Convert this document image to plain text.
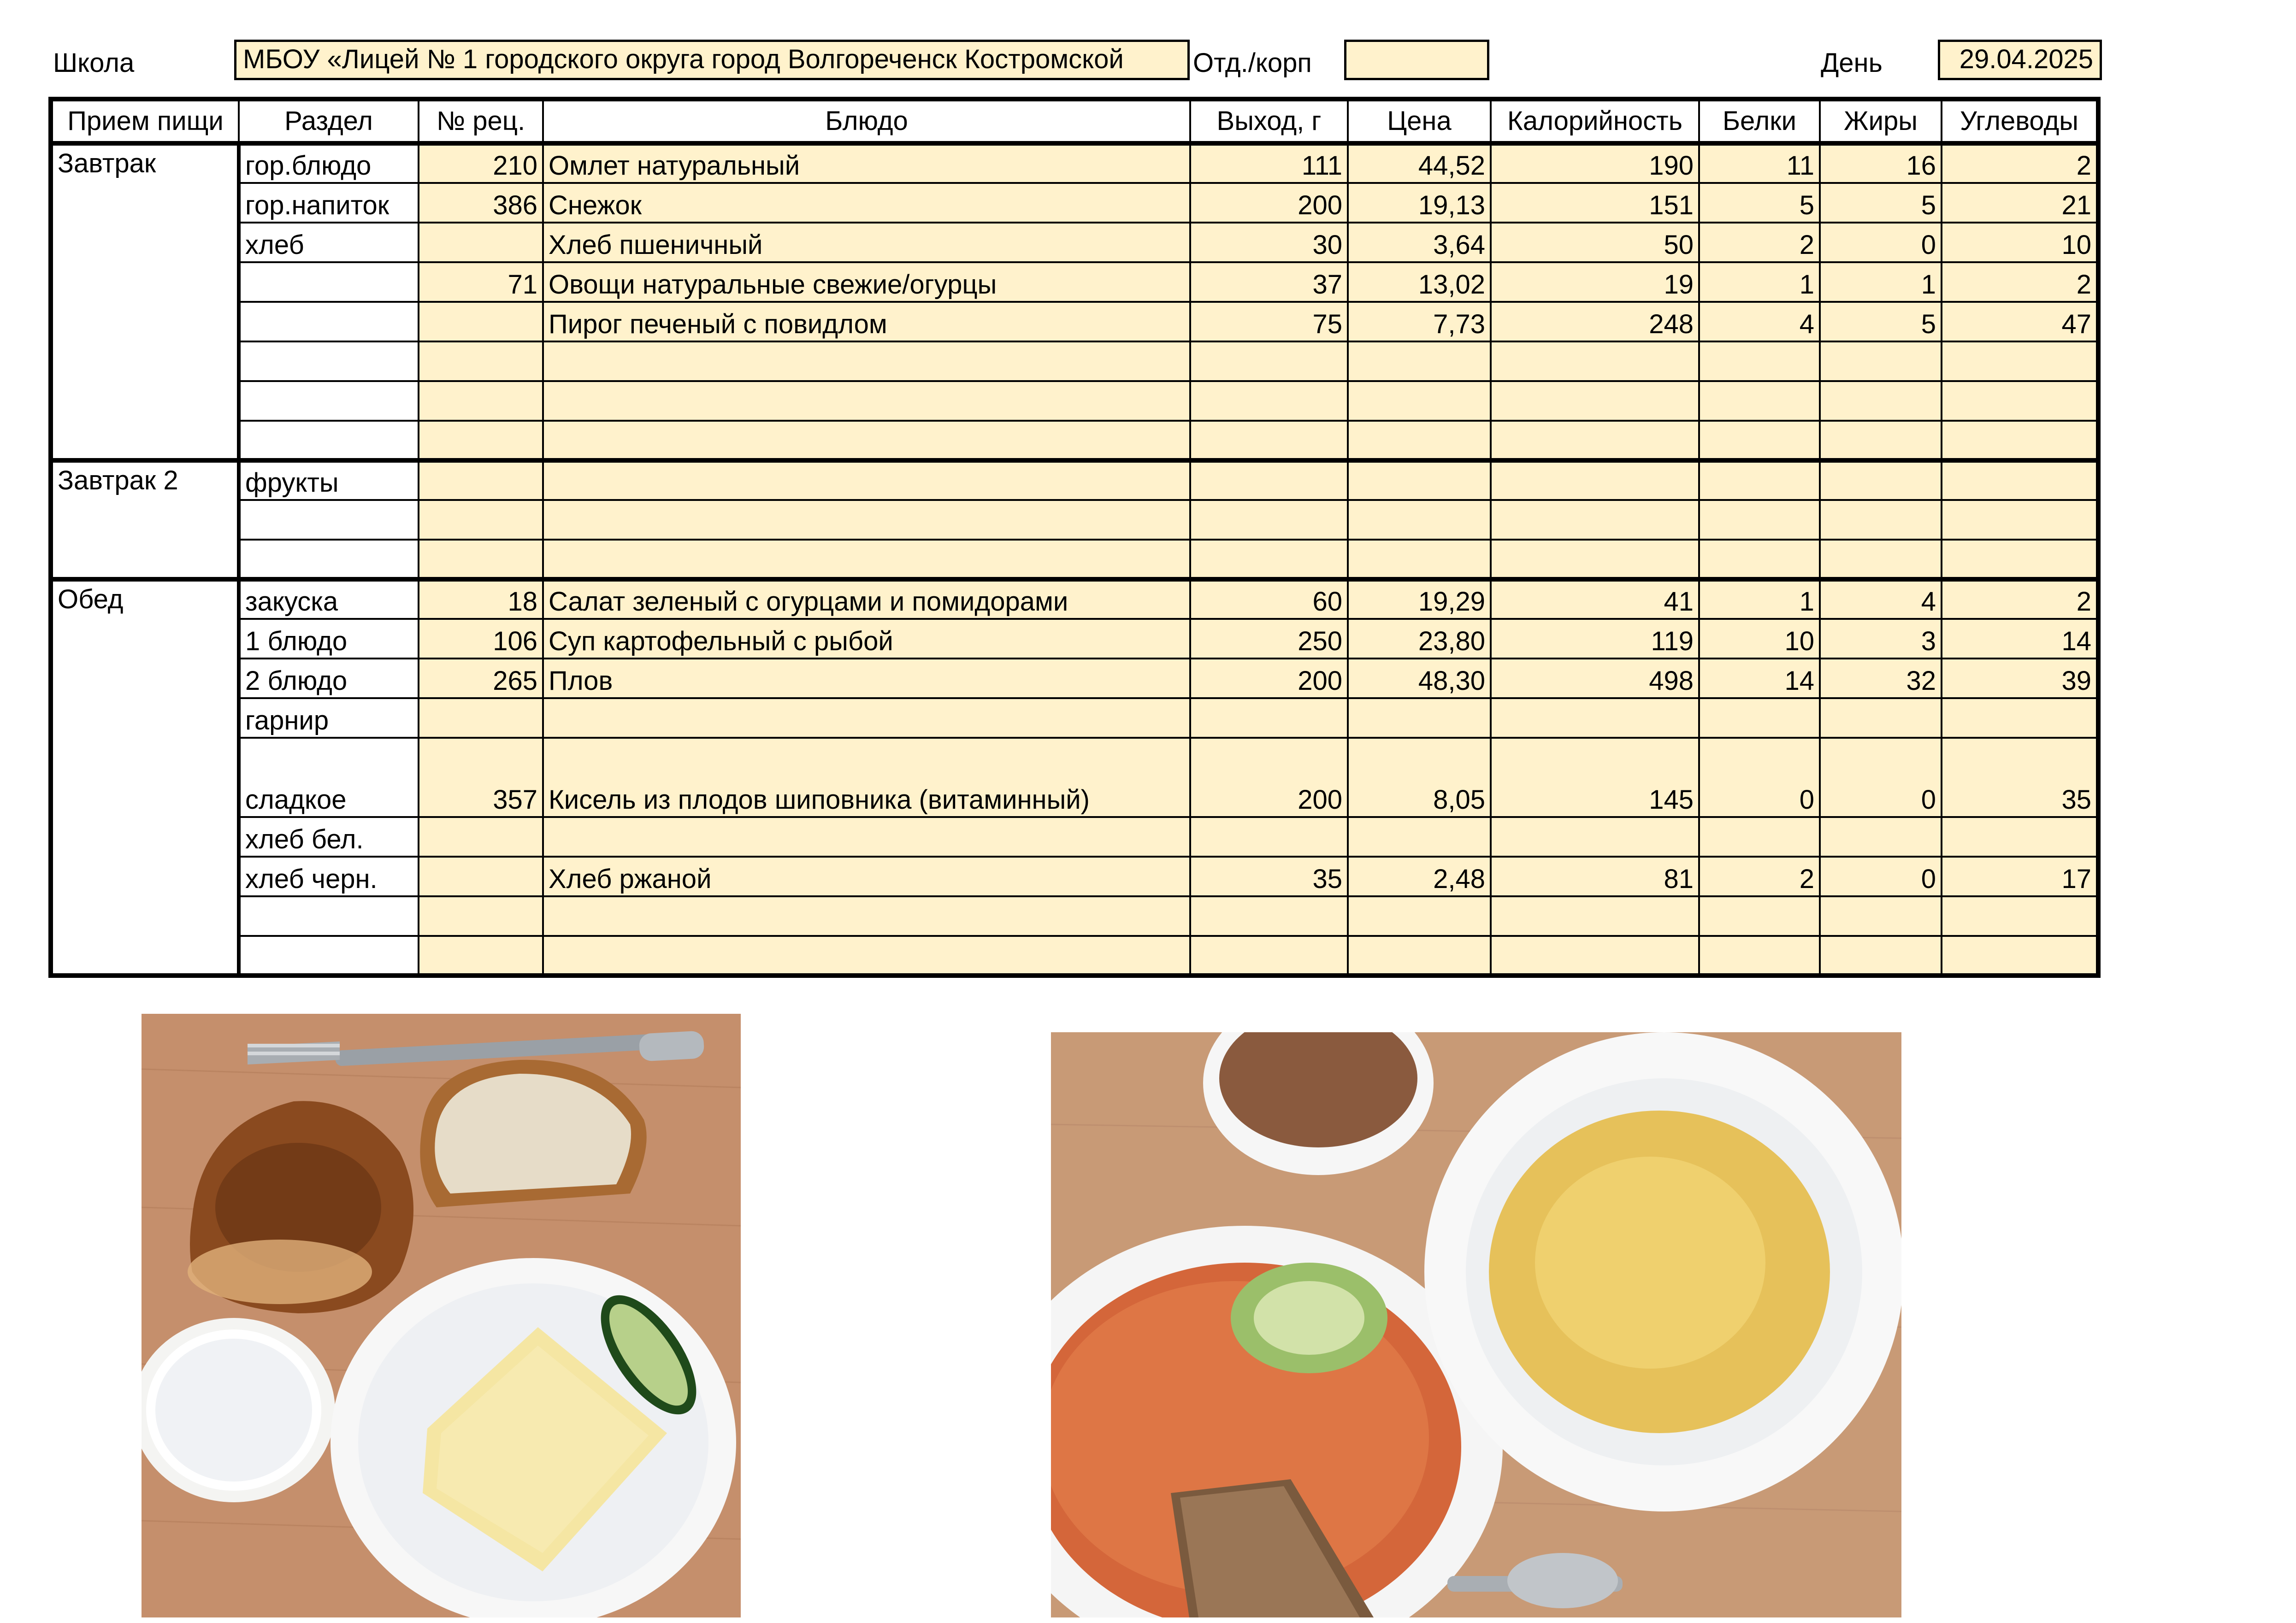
Школа	МБОУ «Лицей № 1 городского округа город Волгореченск Костромской	Отд./корп	День	29.04.2025
Прием пищи	Раздел	№ рец.	Блюдо	Выход, г	Цена	Калорийность	Белки	Жиры	Углеводы
Завтрак	гор.блюдо	210	Омлет натуральный	111	44,52	190	11	16	2
	гор.напиток	386	Снежок	200	19,13	151	5	5	21
	хлеб		Хлеб пшеничный	30	3,64	50	2	0	10
		71	Овощи натуральные свежие/огурцы	37	13,02	19	1	1	2
			Пирог печеный с повидлом	75	7,73	248	4	5	47

Завтрак 2	фрукты								

Обед	закуска	18	Салат зеленый с огурцами и помидорами	60	19,29	41	1	4	2
	1 блюдо	106	Суп картофельный с рыбой	250	23,80	119	10	3	14
	2 блюдо	265	Плов	200	48,30	498	14	32	39
	гарнир								
	сладкое	357	Кисель из плодов шиповника (витаминный)	200	8,05	145	0	0	35
	хлеб бел.								
	хлеб черн.		Хлеб ржаной	35	2,48	81	2	0	17
